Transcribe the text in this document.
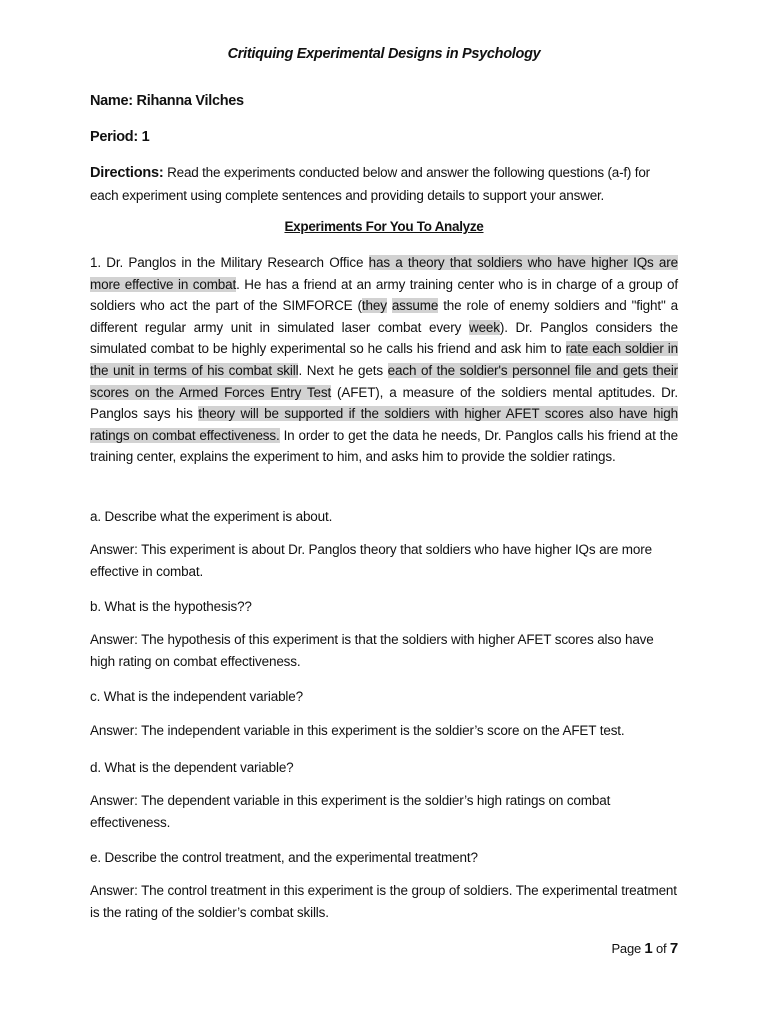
Critiquing Experimental Designs in Psychology
Name: Rihanna Vilches
Period: 1
Directions: Read the experiments conducted below and answer the following questions (a-f) for each experiment using complete sentences and providing details to support your answer.
Experiments For You To Analyze
1. Dr. Panglos in the Military Research Office has a theory that soldiers who have higher IQs are more effective in combat. He has a friend at an army training center who is in charge of a group of soldiers who act the part of the SIMFORCE (they assume the role of enemy soldiers and "fight" a different regular army unit in simulated laser combat every week). Dr. Panglos considers the simulated combat to be highly experimental so he calls his friend and ask him to rate each soldier in the unit in terms of his combat skill. Next he gets each of the soldier's personnel file and gets their scores on the Armed Forces Entry Test (AFET), a measure of the soldiers mental aptitudes. Dr. Panglos says his theory will be supported if the soldiers with higher AFET scores also have high ratings on combat effectiveness. In order to get the data he needs, Dr. Panglos calls his friend at the training center, explains the experiment to him, and asks him to provide the soldier ratings.
a. Describe what the experiment is about.
Answer: This experiment is about Dr. Panglos theory that soldiers who have higher IQs are more effective in combat.
b. What is the hypothesis??
Answer: The hypothesis of this experiment is that the soldiers with higher AFET scores also have high rating on combat effectiveness.
c. What is the independent variable?
Answer: The independent variable in this experiment is the soldier’s score on the AFET test.
d. What is the dependent variable?
Answer: The dependent variable in this experiment is the soldier’s high ratings on combat effectiveness.
e. Describe the control treatment, and the experimental treatment?
Answer: The control treatment in this experiment is the group of soldiers. The experimental treatment is the rating of the soldier’s combat skills.
Page 1 of 7
